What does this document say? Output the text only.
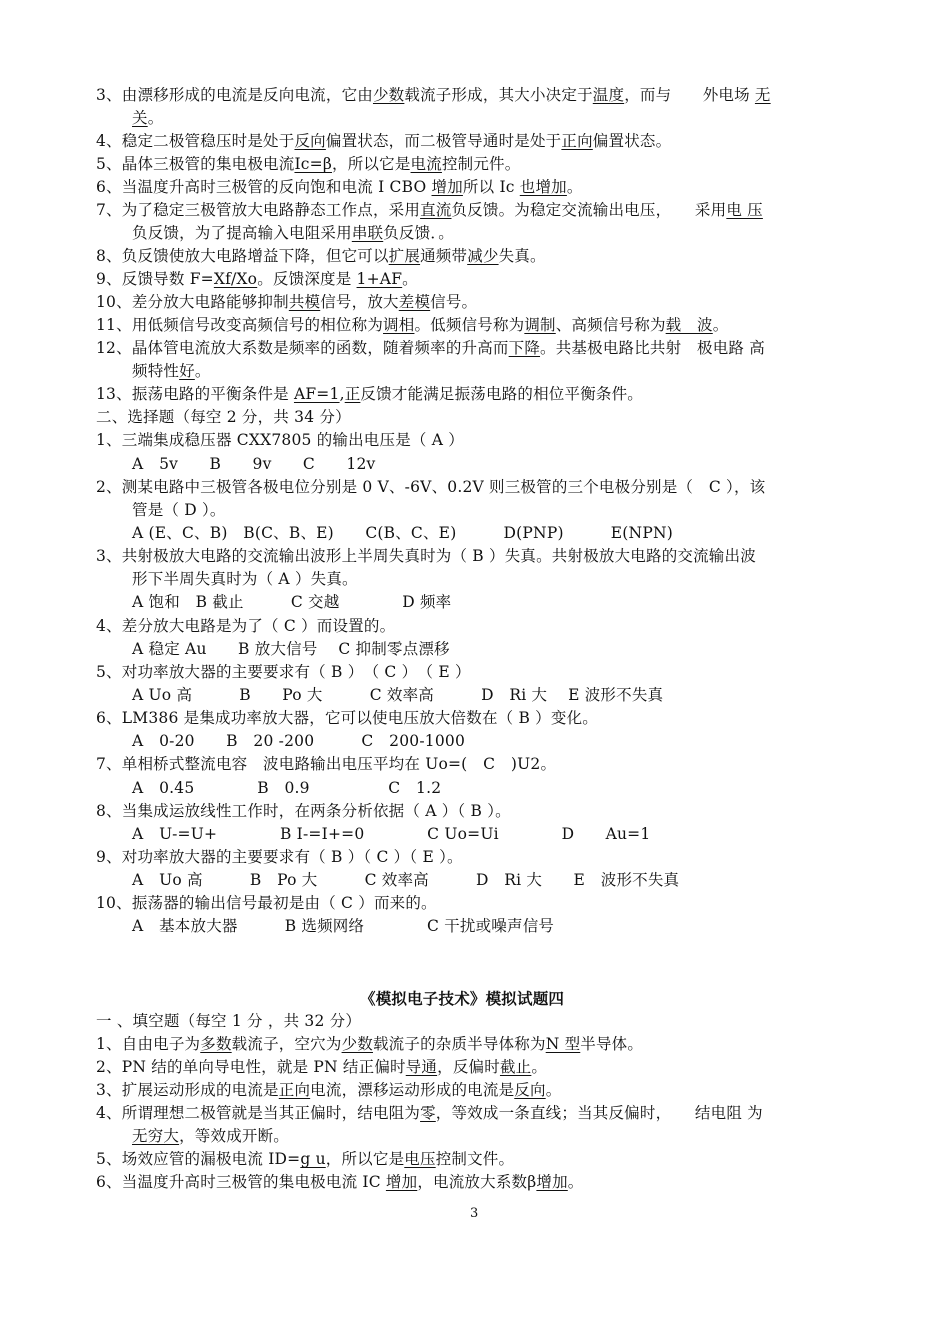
3、由漂移形成的电流是反向电流，它由少数载流子形成，其大小决定于温度，而与　　外电场 无
关。
4、稳定二极管稳压时是处于反向偏置状态，而二极管导通时是处于正向偏置状态。
5、晶体三极管的集电极电流Ic=β，所以它是电流控制元件。
6、当温度升高时三极管的反向饱和电流 I CBO 增加所以 Ic 也增加。
7、为了稳定三极管放大电路静态工作点，采用直流负反馈。为稳定交流输出电压，　　采用电 压
负反馈，为了提高输入电阻采用串联负反馈．。
8、负反馈使放大电路增益下降，但它可以扩展通频带减少失真。
9、反馈导数 F=Xf/Xo。反馈深度是 1+AF。
10、差分放大电路能够抑制共模信号，放大差模信号。
11、用低频信号改变高频信号的相位称为调相。低频信号称为调制、高频信号称为载　波。
12、晶体管电流放大系数是频率的函数，随着频率的升高而下降。共基极电路比共射　极电路 高
频特性好。
13、振荡电路的平衡条件是 AF=1,正反馈才能满足振荡电路的相位平衡条件。
二、选择题（每空 2 分，共 34 分）
1、三端集成稳压器 CXX7805 的输出电压是（ A ）
A　5v　　B　　9v　　C　　12v
2、测某电路中三极管各极电位分别是 0 V、-6V、0.2V 则三极管的三个电极分别是（　C ），该
管是（ D ）。
A (E、C、B)　B(C、B、E)　　C(B、C、E)　　　D(PNP)　　　E(NPN)
3、共射极放大电路的交流输出波形上半周失真时为（ B ）失真。共射极放大电路的交流输出波
形下半周失真时为（ A ）失真。
A 饱和　B 截止　　　C 交越　　　　D 频率
4、差分放大电路是为了（ C ）而设置的。
A 稳定 Au　　B 放大信号　 C 抑制零点漂移
5、对功率放大器的主要要求有（ B ）　（ C ）　（ E ）
A Uo 高　　　B　　Po 大　　　C 效率高　　　D　Ri 大　 E 波形不失真
6、LM386 是集成功率放大器，它可以使电压放大倍数在（ B ）变化。
A　0-20　　B　20 -200　　　C　200-1000
7、单相桥式整流电容　波电路输出电压平均在 Uo=(　C　)U2。
A　0.45　　　　B　0.9　　　　　C　1.2
8、当集成运放线性工作时，在两条分析依据（ A ）（ B ）。
A　U-=U+　　　　B I-=I+=0　　　　C Uo=Ui　　　　D　　Au=1
9、对功率放大器的主要要求有（ B ）（ C ）（ E ）。
A　Uo 高　　　B　Po 大　　　C 效率高　　　D　Ri 大　　E　波形不失真
10、振荡器的输出信号最初是由（ C ）而来的。
A　基本放大器　　　B 选频网络　　　　C 干扰或噪声信号
《模拟电子技术》模拟试题四
一 、填空题（每空 1 分 ，共 32 分）
1、自由电子为多数载流子，空穴为少数载流子的杂质半导体称为N 型半导体。
2、PN 结的单向导电性，就是 PN 结正偏时导通，反偏时截止。
3、扩展运动形成的电流是正向电流，漂移运动形成的电流是反向。
4、所谓理想二极管就是当其正偏时，结电阻为零，等效成一条直线；当其反偏时，　　结电阻 为
无穷大，等效成开断。
5、场效应管的漏极电流 ID=g u，所以它是电压控制文件。
6、当温度升高时三极管的集电极电流 IC 增加，电流放大系数β增加。
3
